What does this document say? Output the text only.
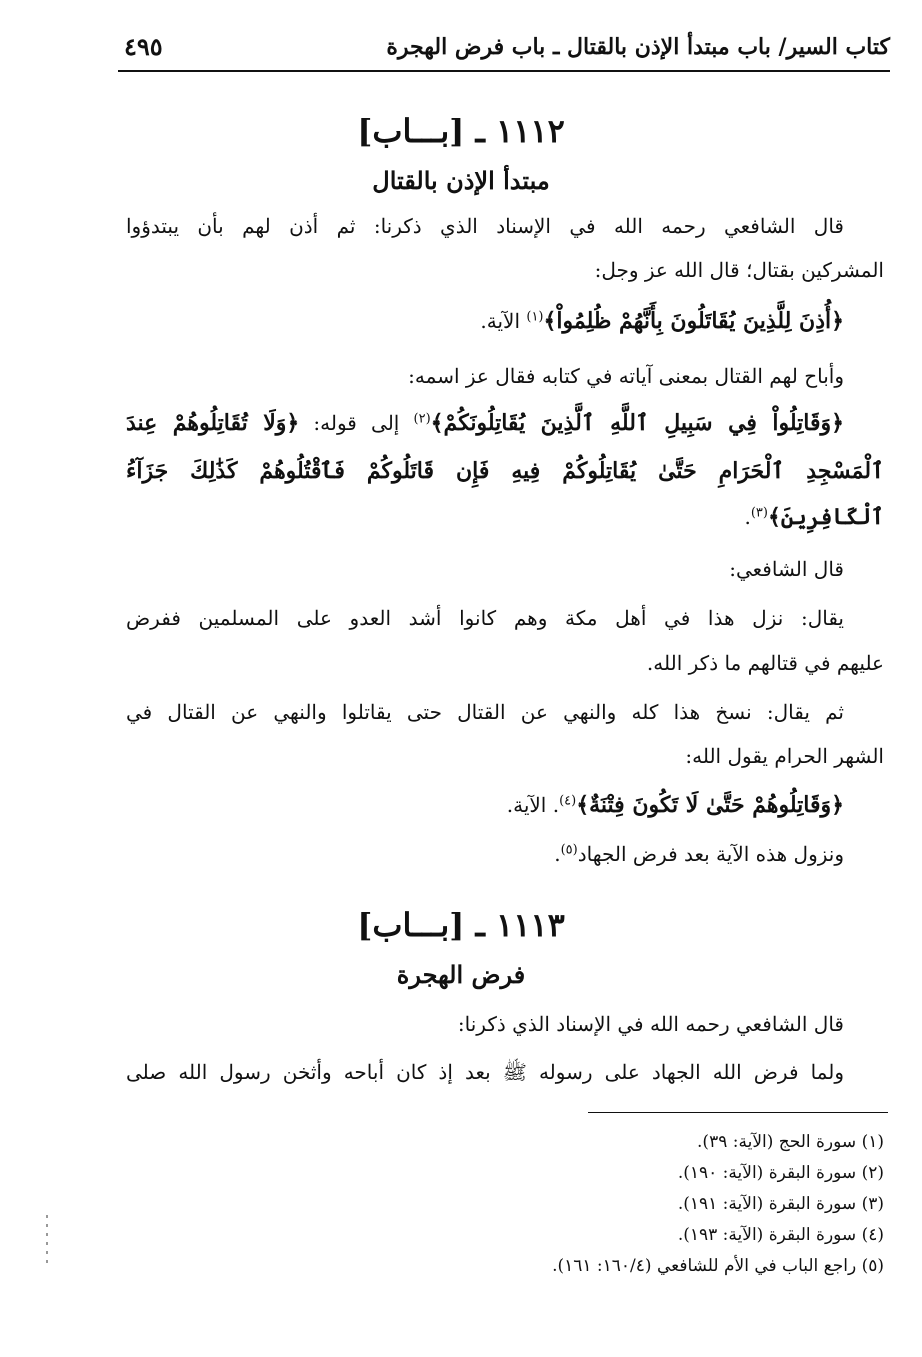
كتاب السير/ باب مبتدأ الإذن بالقتال ـ باب فرض الهجرة
٤٩٥
١١١٢ ـ [بـــاب]
مبتدأ الإذن بالقتال
قال الشافعي رحمه الله في الإسناد الذي ذكرنا: ثم أذن لهم بأن يبتدؤوا
المشركين بقتال؛ قال الله عز وجل:
﴿أُذِنَ لِلَّذِينَ يُقَاتَلُونَ بِأَنَّهُمْ ظُلِمُواْ﴾$^{(١)}$ الآية.
وأباح لهم القتال بمعنى آياته في كتابه فقال عز اسمه:
﴿وَقَاتِلُواْ فِي سَبِيلِ ٱللَّهِ ٱلَّذِينَ يُقَاتِلُونَكُمْ﴾$^{(٢)}$ إلى قوله: ﴿وَلَا تُقَاتِلُوهُمْ عِندَ
ٱلْمَسْجِدِ ٱلْحَرَامِ حَتَّىٰ يُقَاتِلُوكُمْ فِيهِ فَإِن قَاتَلُوكُمْ فَٱقْتُلُوهُمْ كَذَٰلِكَ جَزَآءُ
ٱلْكَافِرِينَ﴾$^{(٣)}$.
قال الشافعي:
يقال: نزل هذا في أهل مكة وهم كانوا أشد العدو على المسلمين ففرض
عليهم في قتالهم ما ذكر الله.
ثم يقال: نسخ هذا كله والنهي عن القتال حتى يقاتلوا والنهي عن القتال في
الشهر الحرام يقول الله:
﴿وَقَاتِلُوهُمْ حَتَّىٰ لَا تَكُونَ فِتْنَةٌ﴾$^{(٤)}$. الآية.
ونزول هذه الآية بعد فرض الجهاد$^{(٥)}$.
١١١٣ ـ [بـــاب]
فرض الهجرة
قال الشافعي رحمه الله في الإسناد الذي ذكرنا:
ولما فرض الله الجهاد على رسوله ﷺ بعد إذ كان أباحه وأثخن رسول الله صلى
(١) سورة الحج (الآية: ٣٩).
(٢) سورة البقرة (الآية: ١٩٠).
(٣) سورة البقرة (الآية: ١٩١).
(٤) سورة البقرة (الآية: ١٩٣).
(٥) راجع الباب في الأم للشافعي (١٦٠/٤: ١٦١).
